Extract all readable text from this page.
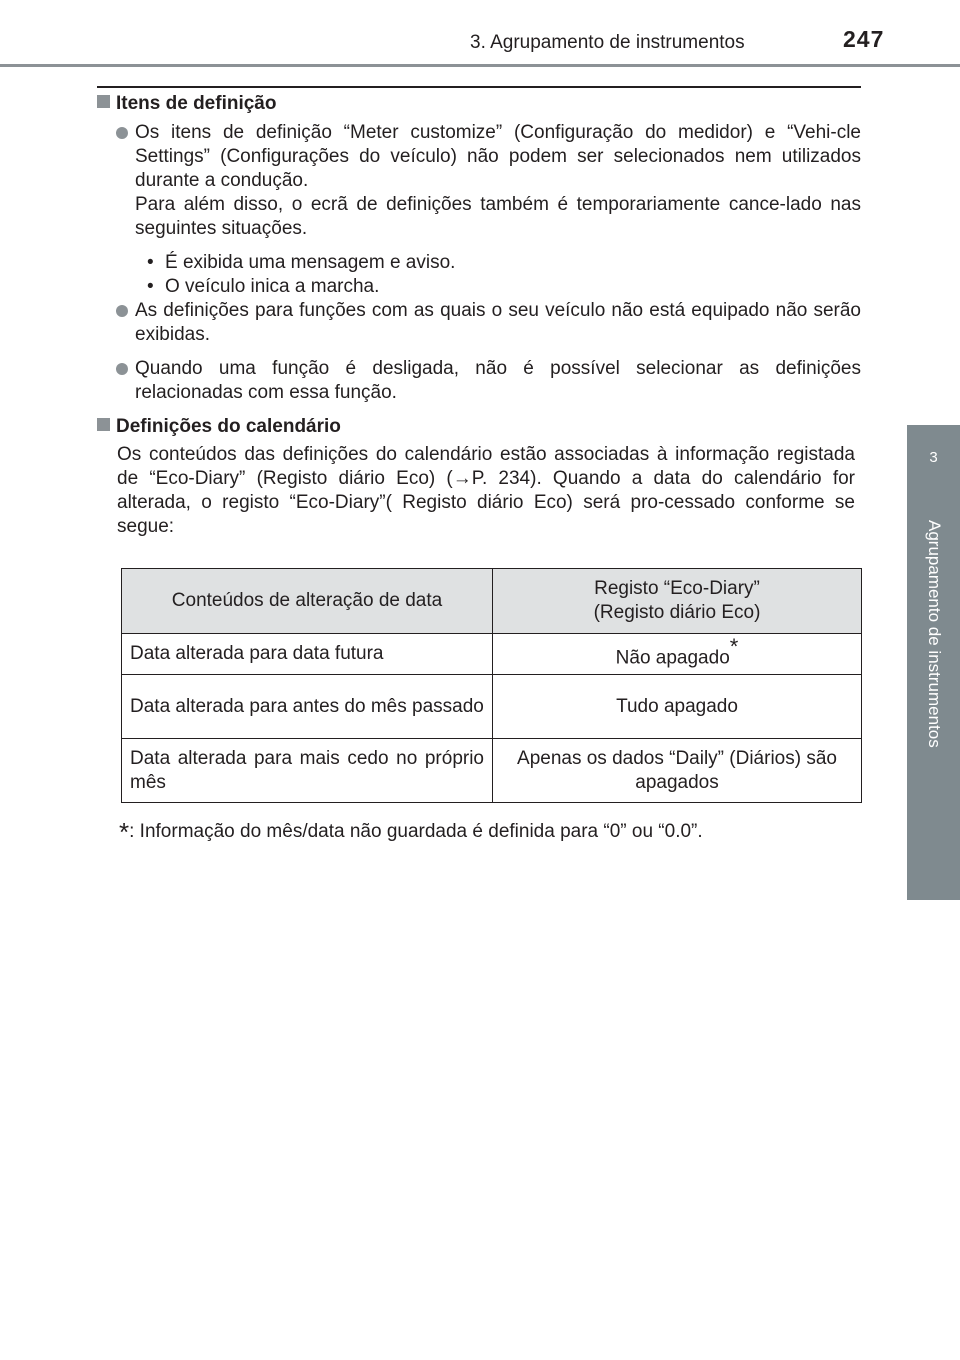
3. Agrupamento de instrumentos	247
3
Agrupamento de instrumentos

Itens de definição

Os itens de definição “Meter customize” (Configuração do medidor) e “Vehi-cle Settings” (Configurações do veículo) não podem ser selecionados nem utilizados durante a condução.

Para além disso, o ecrã de definições também é temporariamente cance-lado nas seguintes situações.

• É exibida uma mensagem e aviso.
• O veículo inica a marcha.

As definições para funções com as quais o seu veículo não está equipado não serão exibidas.

Quando uma função é desligada, não é possível selecionar as definições relacionadas com essa função.

Definições do calendário

Os conteúdos das definições do calendário estão associadas à informação registada de “Eco-Diary” (Registo diário Eco) (→P. 234). Quando a data do calendário for alterada, o registo “Eco-Diary”( Registo diário Eco) será pro-cessado conforme se segue:

Conteúdos de alteração de data	Registo “Eco-Diary”
(Registo diário Eco)
Data alterada para data futura	Não apagado*
Data alterada para antes do mês passado	Tudo apagado
Data alterada para mais cedo no próprio mês	Apenas os dados “Daily” (Diários) são apagados
*: Informação do mês/data não guardada é definida para “0” ou “0.0”.
